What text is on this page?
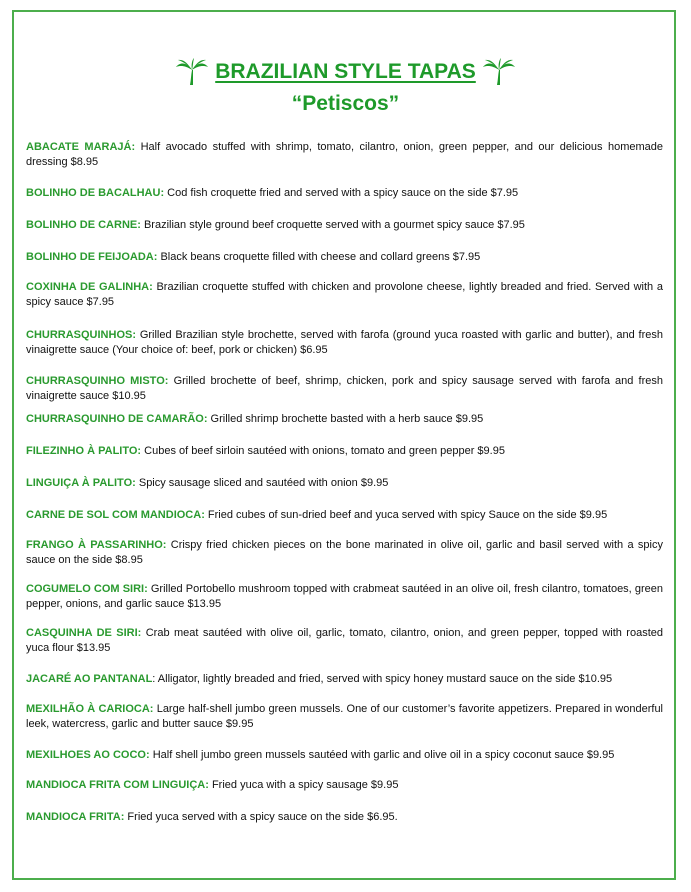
BRAZILIAN STYLE TAPAS
“Petiscos”
ABACATE MARAJÁ: Half avocado stuffed with shrimp, tomato, cilantro, onion, green pepper, and our delicious homemade dressing $8.95
BOLINHO DE BACALHAU: Cod fish croquette fried and served with a spicy sauce on the side $7.95
BOLINHO DE CARNE: Brazilian style ground beef croquette served with a gourmet spicy sauce $7.95
BOLINHO DE FEIJOADA: Black beans croquette filled with cheese and collard greens $7.95
COXINHA DE GALINHA: Brazilian croquette stuffed with chicken and provolone cheese, lightly breaded and fried. Served with a spicy sauce $7.95
CHURRASQUINHOS: Grilled Brazilian style brochette, served with farofa (ground yuca roasted with garlic and butter), and fresh vinaigrette sauce (Your choice of: beef, pork or chicken) $6.95
CHURRASQUINHO MISTO: Grilled brochette of beef, shrimp, chicken, pork and spicy sausage served with farofa and fresh vinaigrette sauce $10.95
CHURRASQUINHO DE CAMARÃO: Grilled shrimp brochette basted with a herb sauce $9.95
FILEZINHO À PALITO: Cubes of beef sirloin sautéed with onions, tomato and green pepper $9.95
LINGUIÇA À PALITO: Spicy sausage sliced and sautéed with onion $9.95
CARNE DE SOL COM MANDIOCA: Fried cubes of sun-dried beef and yuca served with spicy Sauce on the side $9.95
FRANGO À PASSARINHO: Crispy fried chicken pieces on the bone marinated in olive oil, garlic and basil served with a spicy sauce on the side $8.95
COGUMELO COM SIRI: Grilled Portobello mushroom topped with crabmeat sautéed in an olive oil, fresh cilantro, tomatoes, green pepper, onions, and garlic sauce $13.95
CASQUINHA DE SIRI: Crab meat sautéed with olive oil, garlic, tomato, cilantro, onion, and green pepper, topped with roasted yuca flour $13.95
JACARÉ AO PANTANAL: Alligator, lightly breaded and fried, served with spicy honey mustard sauce on the side $10.95
MEXILHÃO À CARIOCA: Large half-shell jumbo green mussels. One of our customer’s favorite appetizers. Prepared in wonderful leek, watercress, garlic and butter sauce $9.95
MEXILHOES AO COCO: Half shell jumbo green mussels sautéed with garlic and olive oil in a spicy coconut sauce $9.95
MANDIOCA FRITA COM LINGUIÇA: Fried yuca with a spicy sausage $9.95
MANDIOCA FRITA: Fried yuca served with a spicy sauce on the side $6.95.
